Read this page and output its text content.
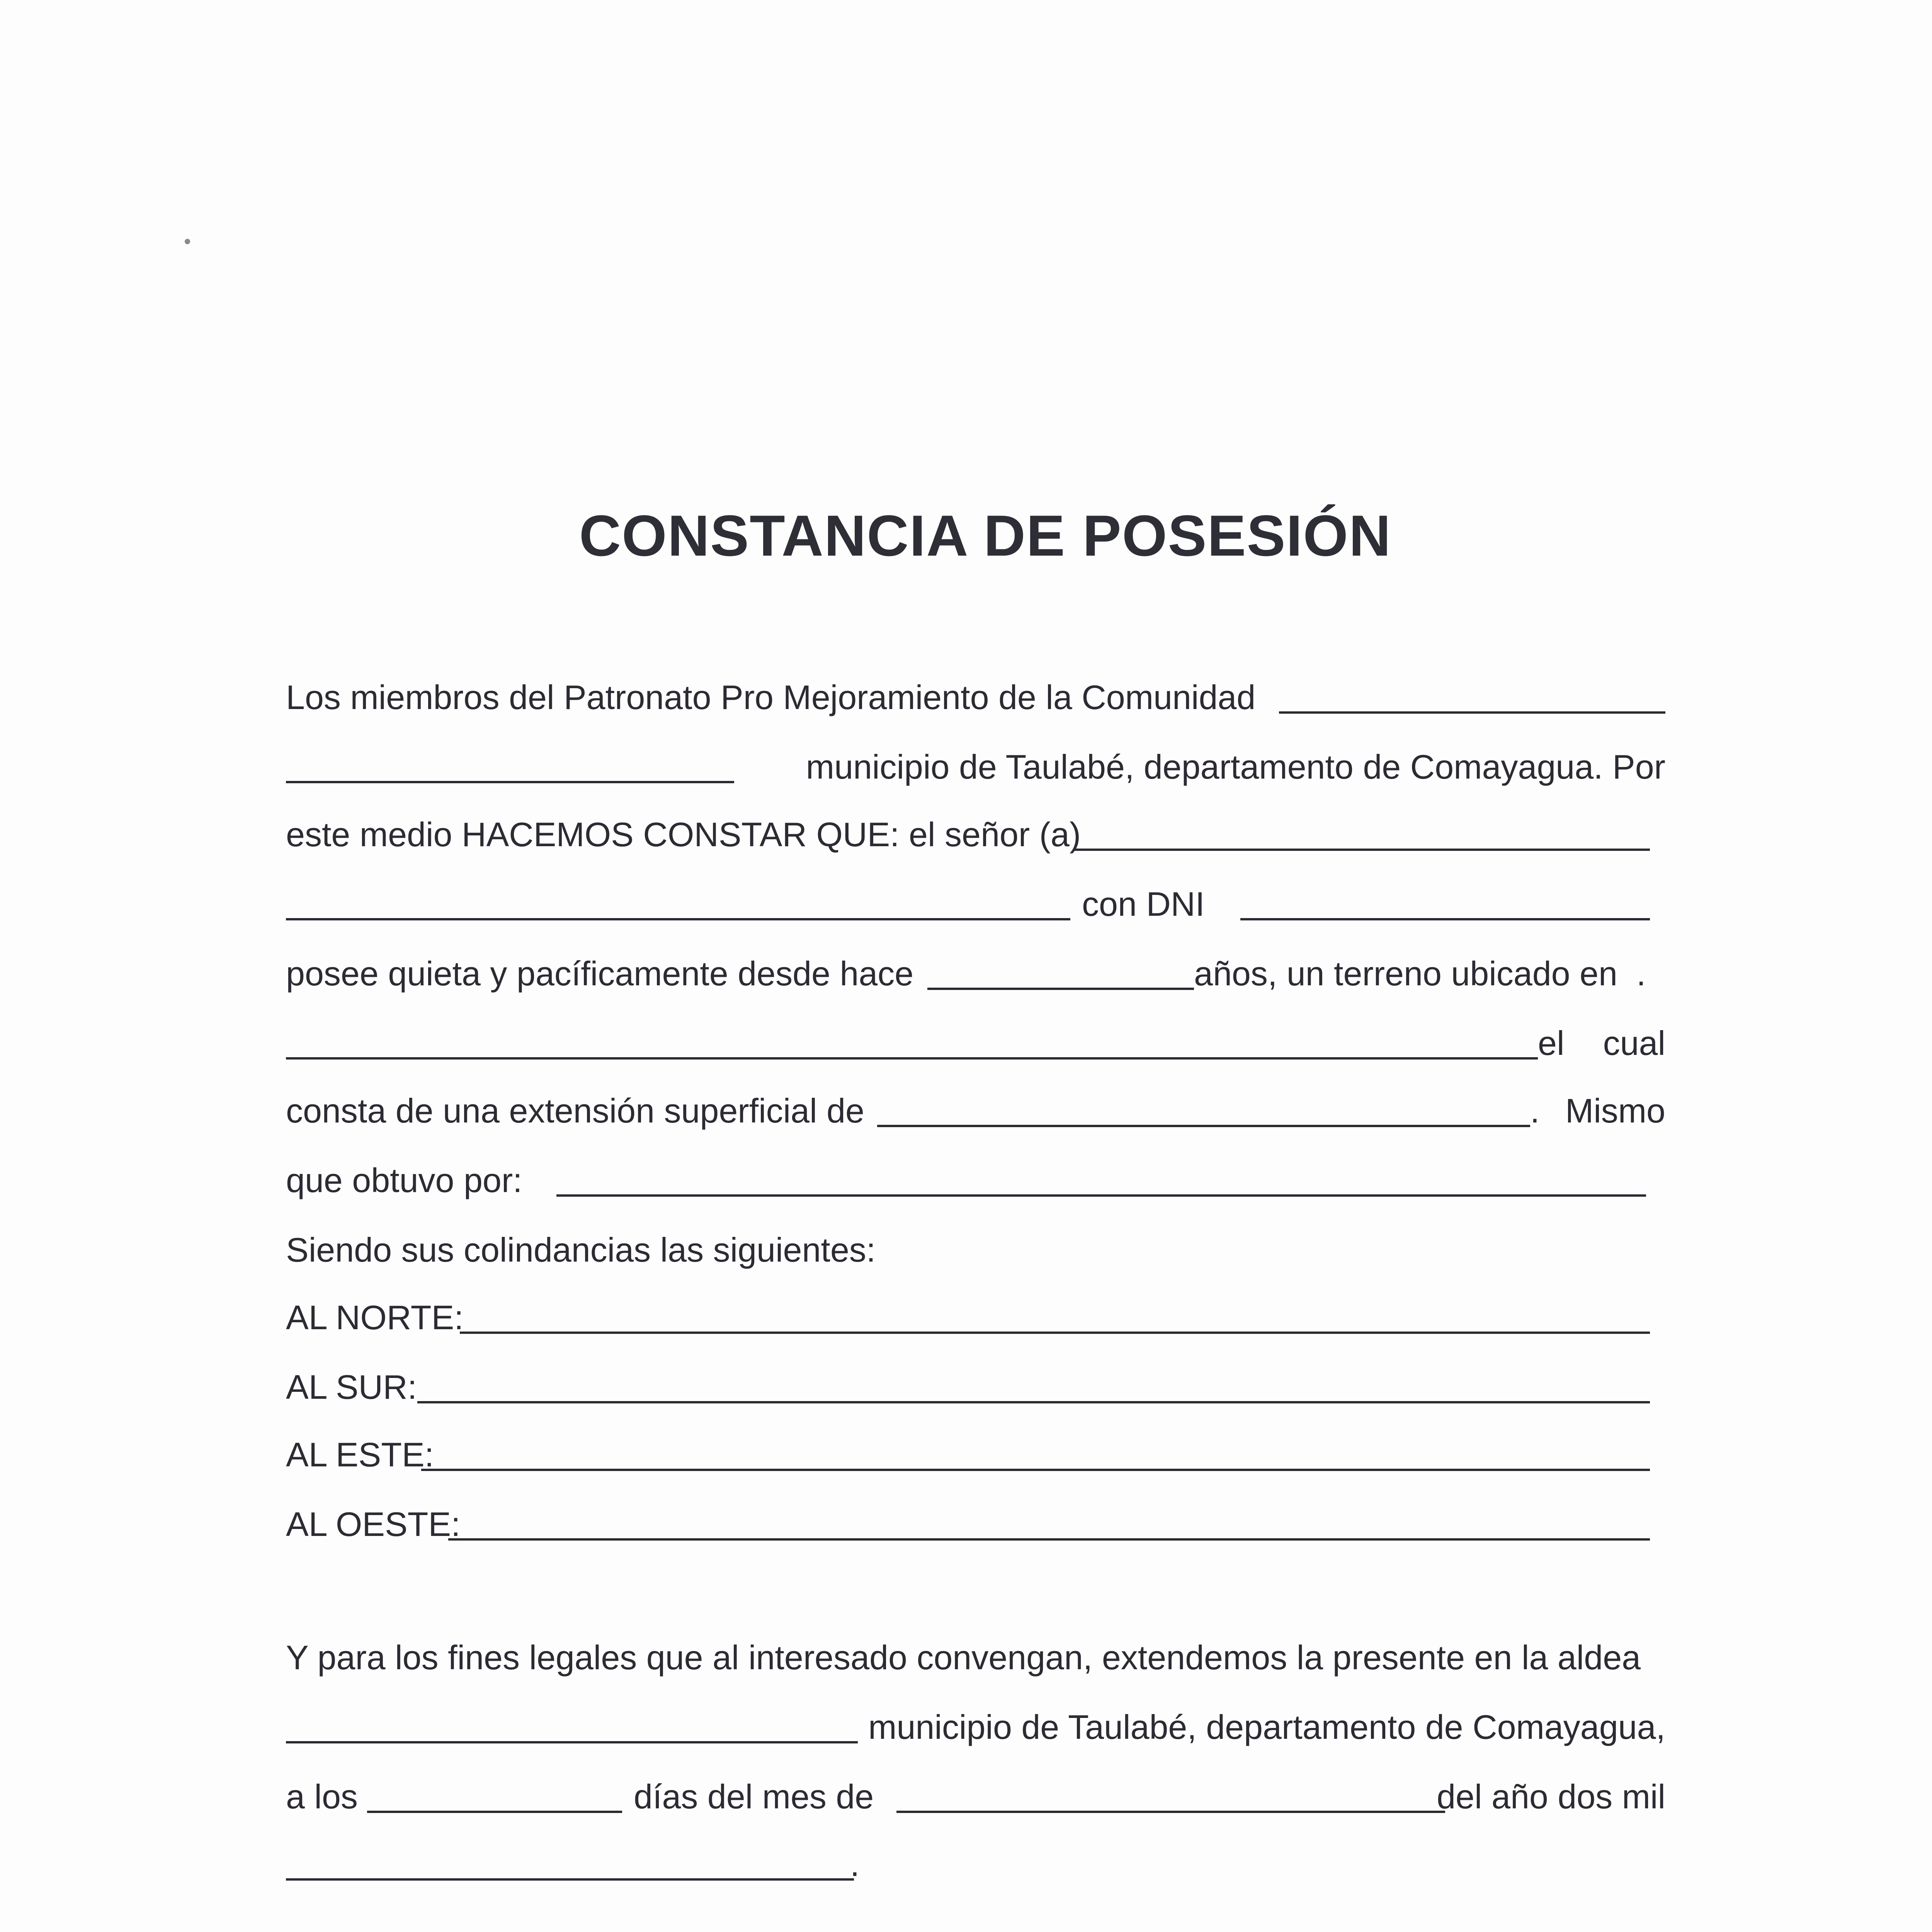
CONSTANCIA DE POSESIÓN
Los miembros del Patronato Pro Mejoramiento de la Comunidad
municipio de Taulabé, departamento de Comayagua. Por
este medio HACEMOS CONSTAR QUE: el señor (a)
con DNI
posee quieta y pacíficamente desde hace	años, un terreno ubicado en .
el cual
consta de una extensión superficial de	. Mismo
que obtuvo por:
Siendo sus colindancias las siguientes:
AL NORTE:
AL SUR:
AL ESTE:
AL OESTE:
Y para los fines legales que al interesado convengan, extendemos la presente en la aldea
municipio de Taulabé, departamento de Comayagua,
a los	días del mes de	del año dos mil
.
